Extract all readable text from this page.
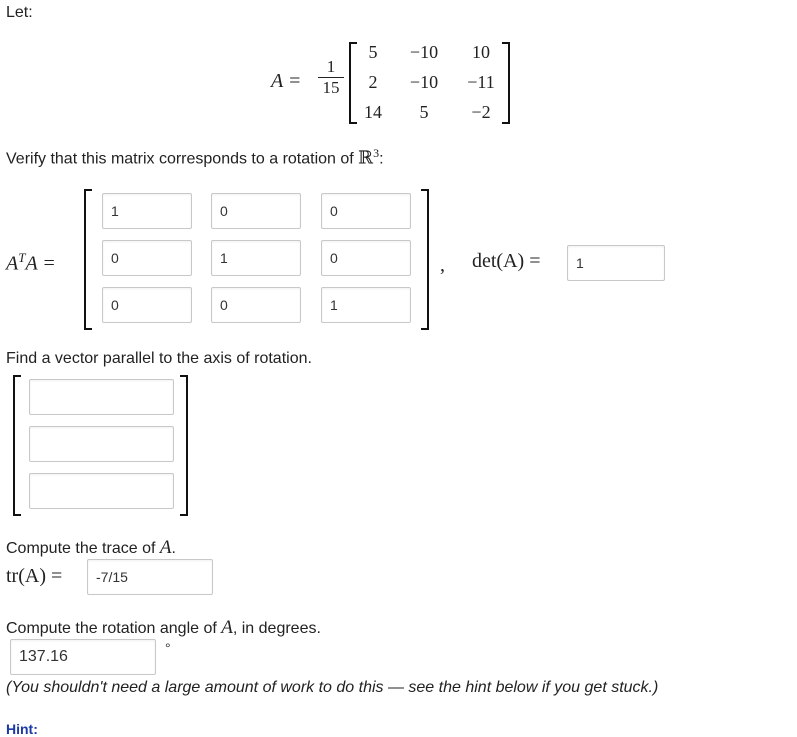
Let:
A =
1
15
5	−10	10
2	−10	−11
14	5	−2
Verify that this matrix corresponds to a rotation of ℝ$^3$:
$A^TA$ =
1	0	0
0	1	0
0	0	1
, det(A) =	1
Find a vector parallel to the axis of rotation.
Compute the trace of A.
tr(A) =	-7/15
Compute the rotation angle of A, in degrees.
137.16	°
(You shouldn't need a large amount of work to do this — see the hint below if you get stuck.)
Hint:
